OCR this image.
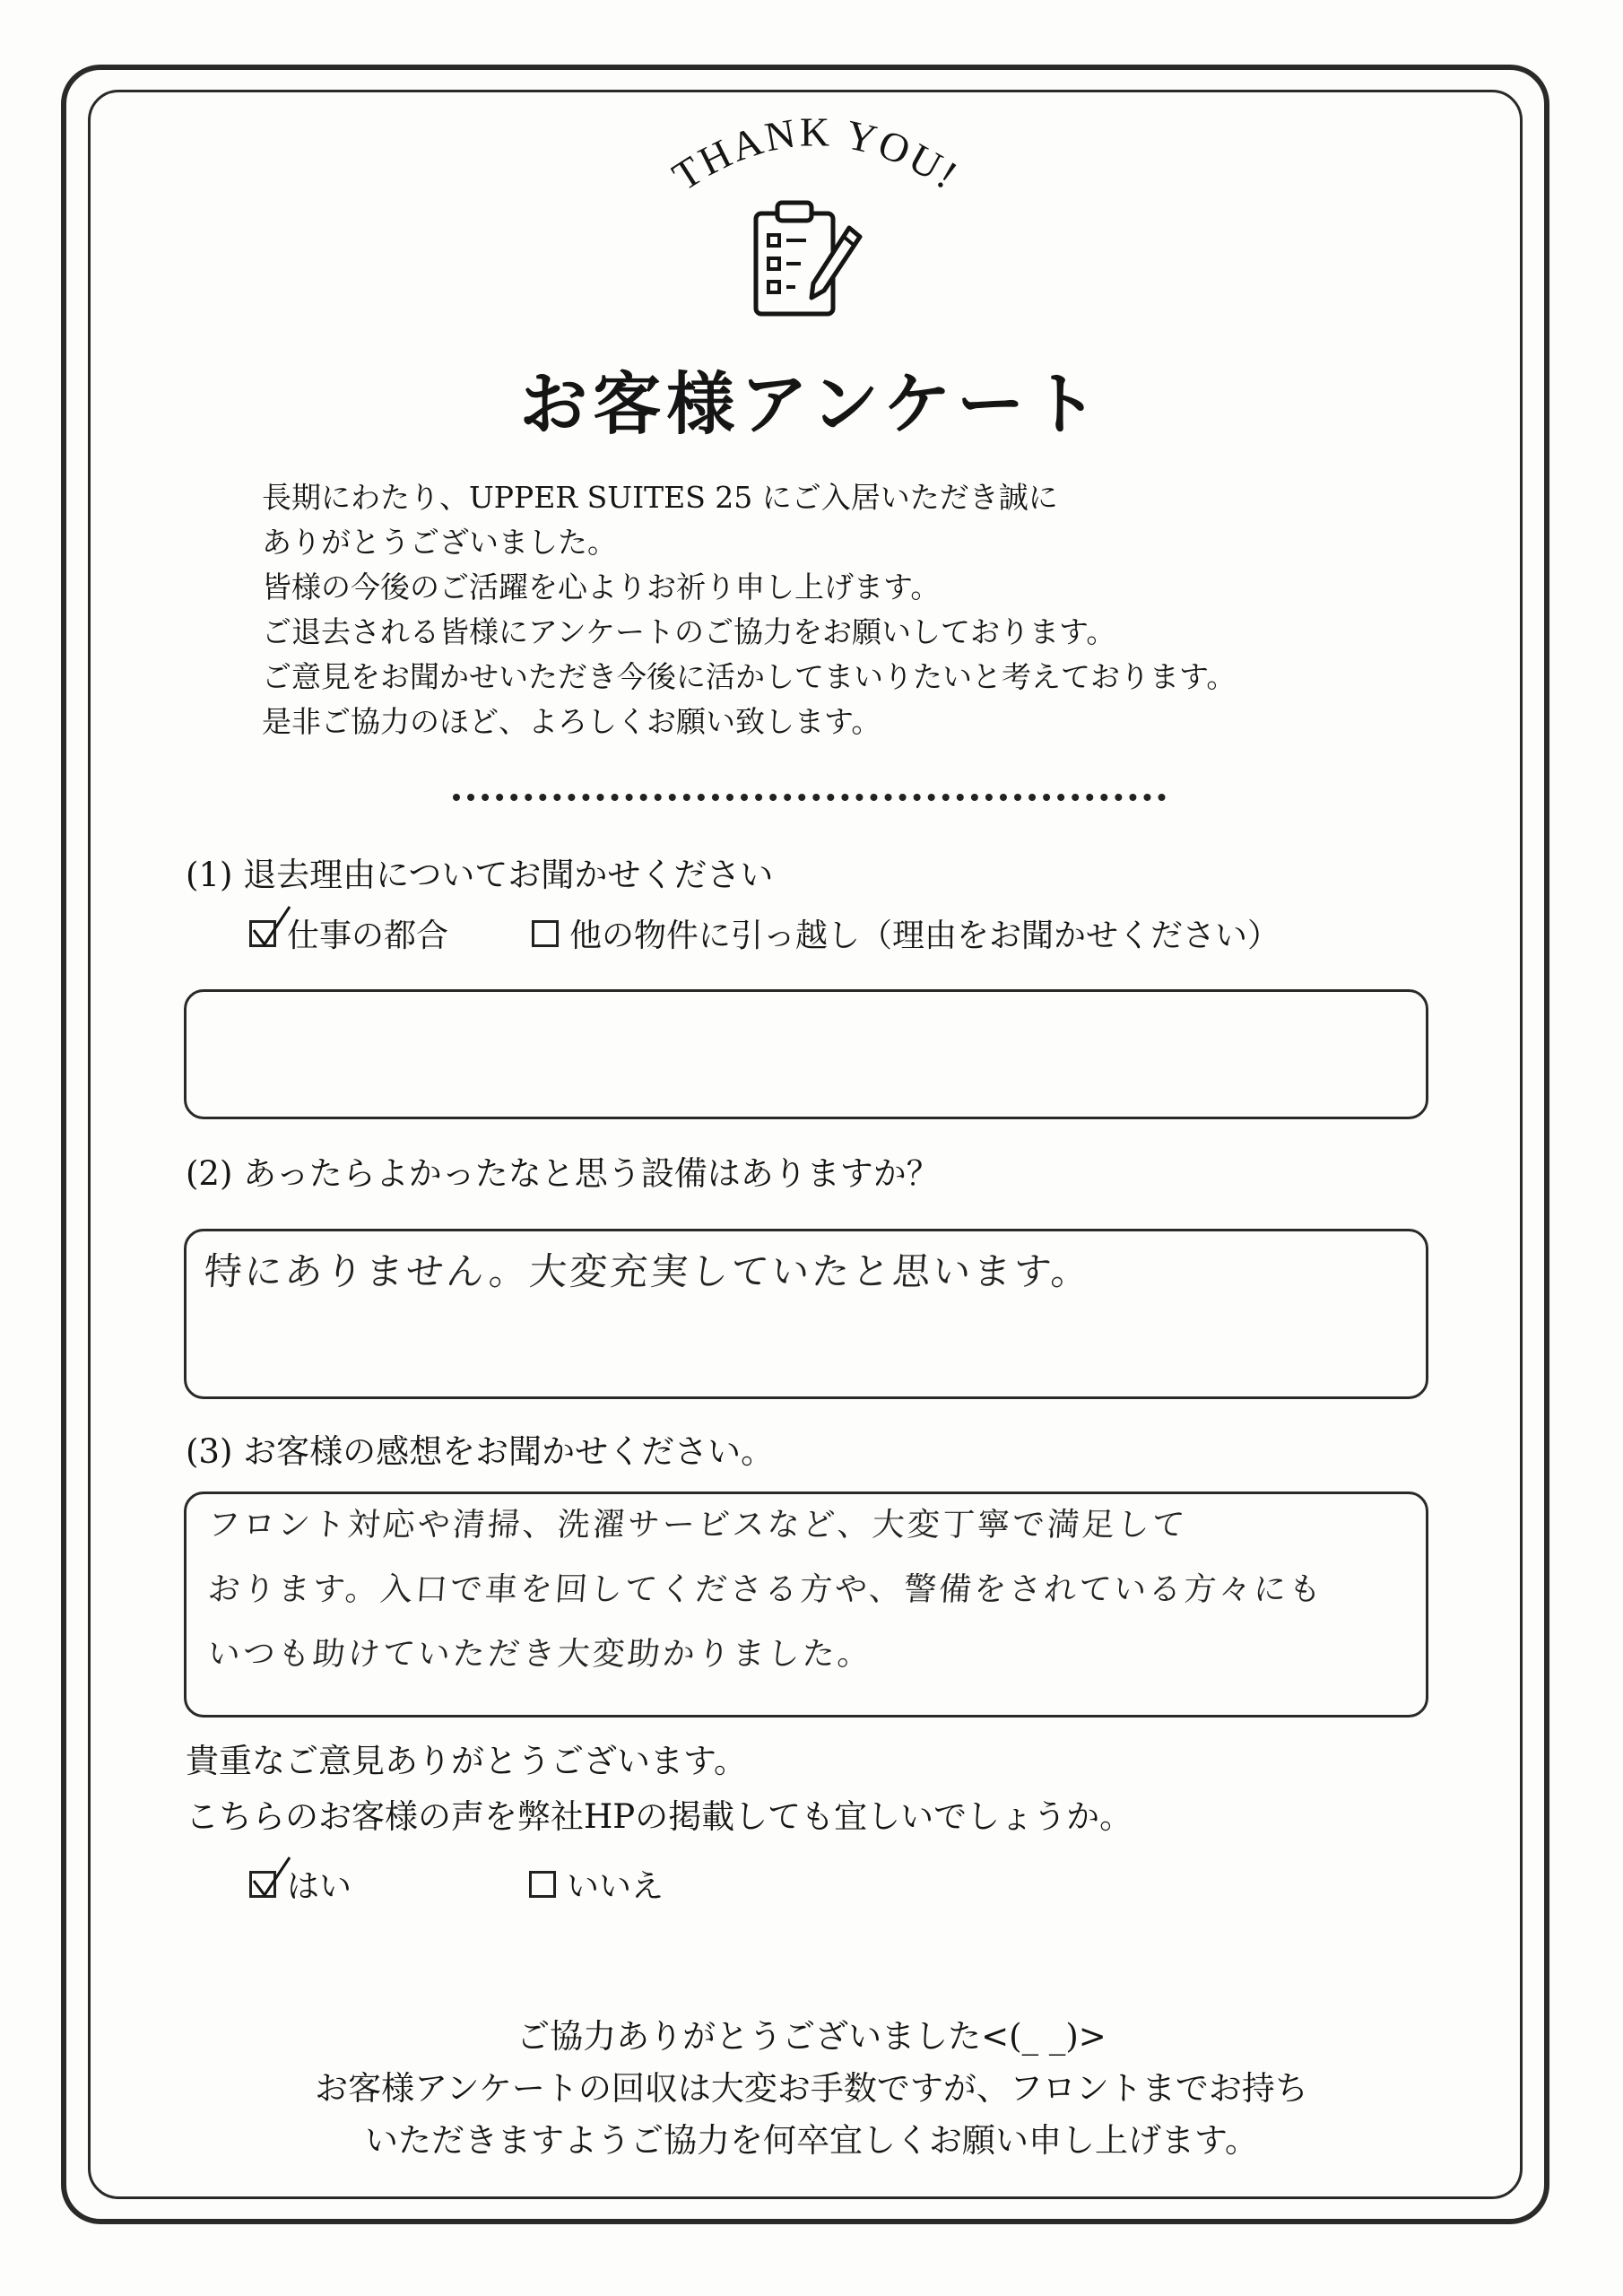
THANK YOU!
お客様アンケート
長期にわたり、UPPER SUITES 25 にご入居いただき誠に
ありがとうございました。
皆様の今後のご活躍を心よりお祈り申し上げます。
ご退去される皆様にアンケートのご協力をお願いしております。
ご意見をお聞かせいただき今後に活かしてまいりたいと考えております。
是非ご協力のほど、よろしくお願い致します。
(1) 退去理由についてお聞かせください
仕事の都合	他の物件に引っ越し（理由をお聞かせください）
(2) あったらよかったなと思う設備はありますか？
特にありません。大変充実していたと思います。
(3) お客様の感想をお聞かせください。
フロント対応や清掃、洗濯サービスなど、大変丁寧で満足して
おります。入口で車を回してくださる方や、警備をされている方々にも
いつも助けていただき大変助かりました。
貴重なご意見ありがとうございます。
こちらのお客様の声を弊社HPの掲載しても宜しいでしょうか。
はい	いいえ
ご協力ありがとうございました<(_ _)>
お客様アンケートの回収は大変お手数ですが、フロントまでお持ち
いただきますようご協力を何卒宜しくお願い申し上げます。
